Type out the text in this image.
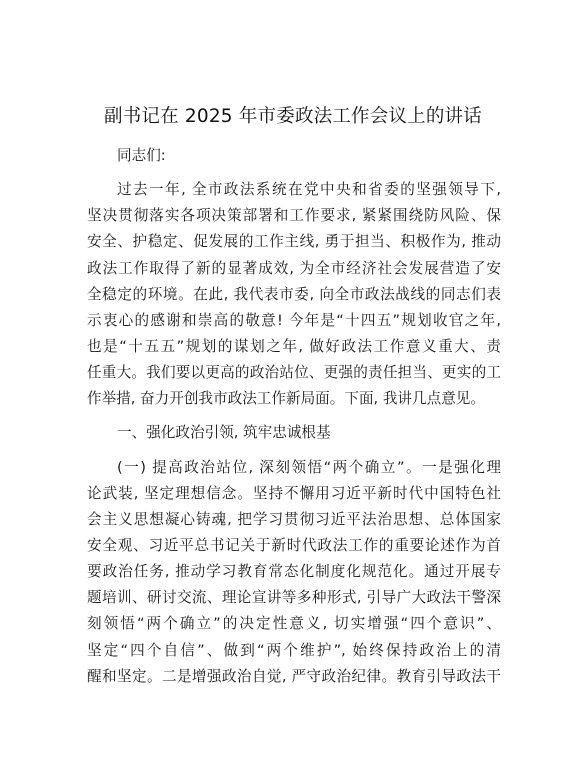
副书记在 2025 年市委政法工作会议上的讲话
同志们:
过去一年, 全市政法系统在党中央和省委的坚强领导下,
坚决贯彻落实各项决策部署和工作要求, 紧紧围绕防风险、保
安全、护稳定、促发展的工作主线, 勇于担当、积极作为, 推动
政法工作取得了新的显著成效, 为全市经济社会发展营造了安
全稳定的环境。在此, 我代表市委, 向全市政法战线的同志们表
示衷心的感谢和崇高的敬意! 今年是“十四五”规划收官之年,
也是“十五五”规划的谋划之年, 做好政法工作意义重大、责
任重大。我们要以更高的政治站位、更强的责任担当、更实的工
作举措, 奋力开创我市政法工作新局面。下面, 我讲几点意见。
一、强化政治引领, 筑牢忠诚根基
(一) 提高政治站位, 深刻领悟“两个确立”。一是强化理
论武装, 坚定理想信念。坚持不懈用习近平新时代中国特色社
会主义思想凝心铸魂, 把学习贯彻习近平法治思想、总体国家
安全观、习近平总书记关于新时代政法工作的重要论述作为首
要政治任务, 推动学习教育常态化制度化规范化。通过开展专
题培训、研讨交流、理论宣讲等多种形式, 引导广大政法干警深
刻领悟“两个确立”的决定性意义, 切实增强“四个意识”、
坚定“四个自信”、做到“两个维护”, 始终保持政治上的清
醒和坚定。二是增强政治自觉, 严守政治纪律。教育引导政法干
